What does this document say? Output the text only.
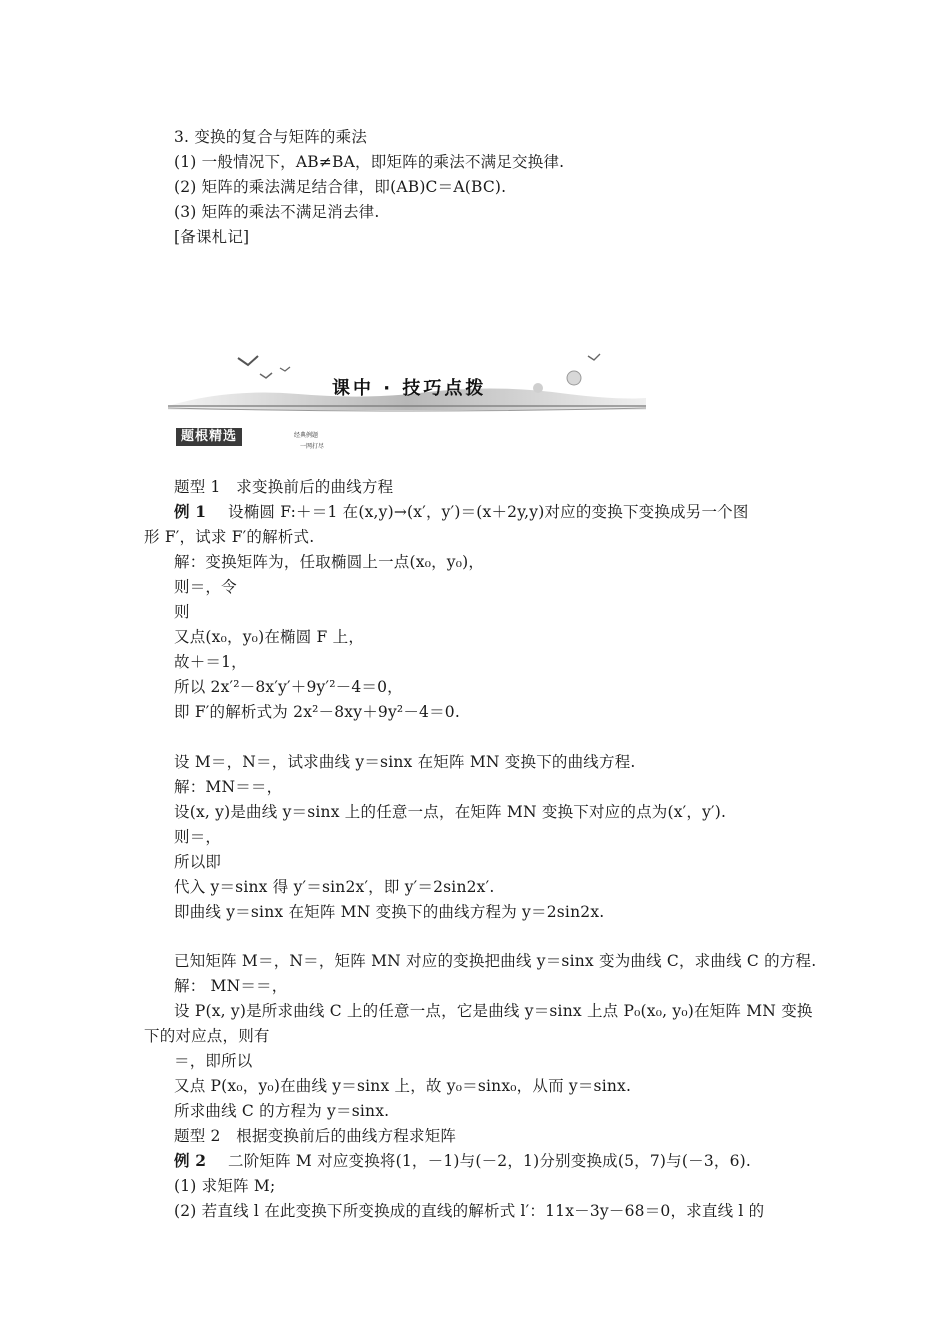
3. 变换的复合与矩阵的乘法
(1) 一般情况下，AB≠BA，即矩阵的乘法不满足交换律.
(2) 矩阵的乘法满足结合律，即(AB)C＝A(BC).
(3) 矩阵的乘法不满足消去律.
[备课札记]
课中 · 技巧点拨
题根精选	经典例题
一网打尽
题型 1　求变换前后的曲线方程
例 1 设椭圆 F:＋＝1 在(x,y)→(x′，y′)＝(x＋2y,y)对应的变换下变换成另一个图
形 F′，试求 F′的解析式.
解：变换矩阵为，任取椭圆上一点(x₀，y₀)，
则＝，令
则
又点(x₀，y₀)在椭圆 F 上，
故＋＝1，
所以 2x′²－8x′y′＋9y′²－4＝0，
即 F′的解析式为 2x²－8xy＋9y²－4＝0.
设 M＝，N＝，试求曲线 y＝sinx 在矩阵 MN 变换下的曲线方程.
解：MN＝＝，
设(x, y)是曲线 y＝sinx 上的任意一点，在矩阵 MN 变换下对应的点为(x′，y′).
则＝，
所以即
代入 y＝sinx 得 y′＝sin2x′，即 y′＝2sin2x′.
即曲线 y＝sinx 在矩阵 MN 变换下的曲线方程为 y＝2sin2x.
已知矩阵 M＝，N＝，矩阵 MN 对应的变换把曲线 y＝sinx 变为曲线 C，求曲线 C 的方程.
解： MN＝＝，
设 P(x, y)是所求曲线 C 上的任意一点，它是曲线 y＝sinx 上点 P₀(x₀, y₀)在矩阵 MN 变换
下的对应点，则有
＝，即所以
又点 P(x₀，y₀)在曲线 y＝sinx 上，故 y₀＝sinx₀，从而 y＝sinx.
所求曲线 C 的方程为 y＝sinx.
题型 2　根据变换前后的曲线方程求矩阵
例 2 二阶矩阵 M 对应变换将(1，－1)与(－2，1)分别变换成(5，7)与(－3，6).
(1) 求矩阵 M;
(2) 若直线 l 在此变换下所变换成的直线的解析式 l′：11x－3y－68＝0，求直线 l 的
